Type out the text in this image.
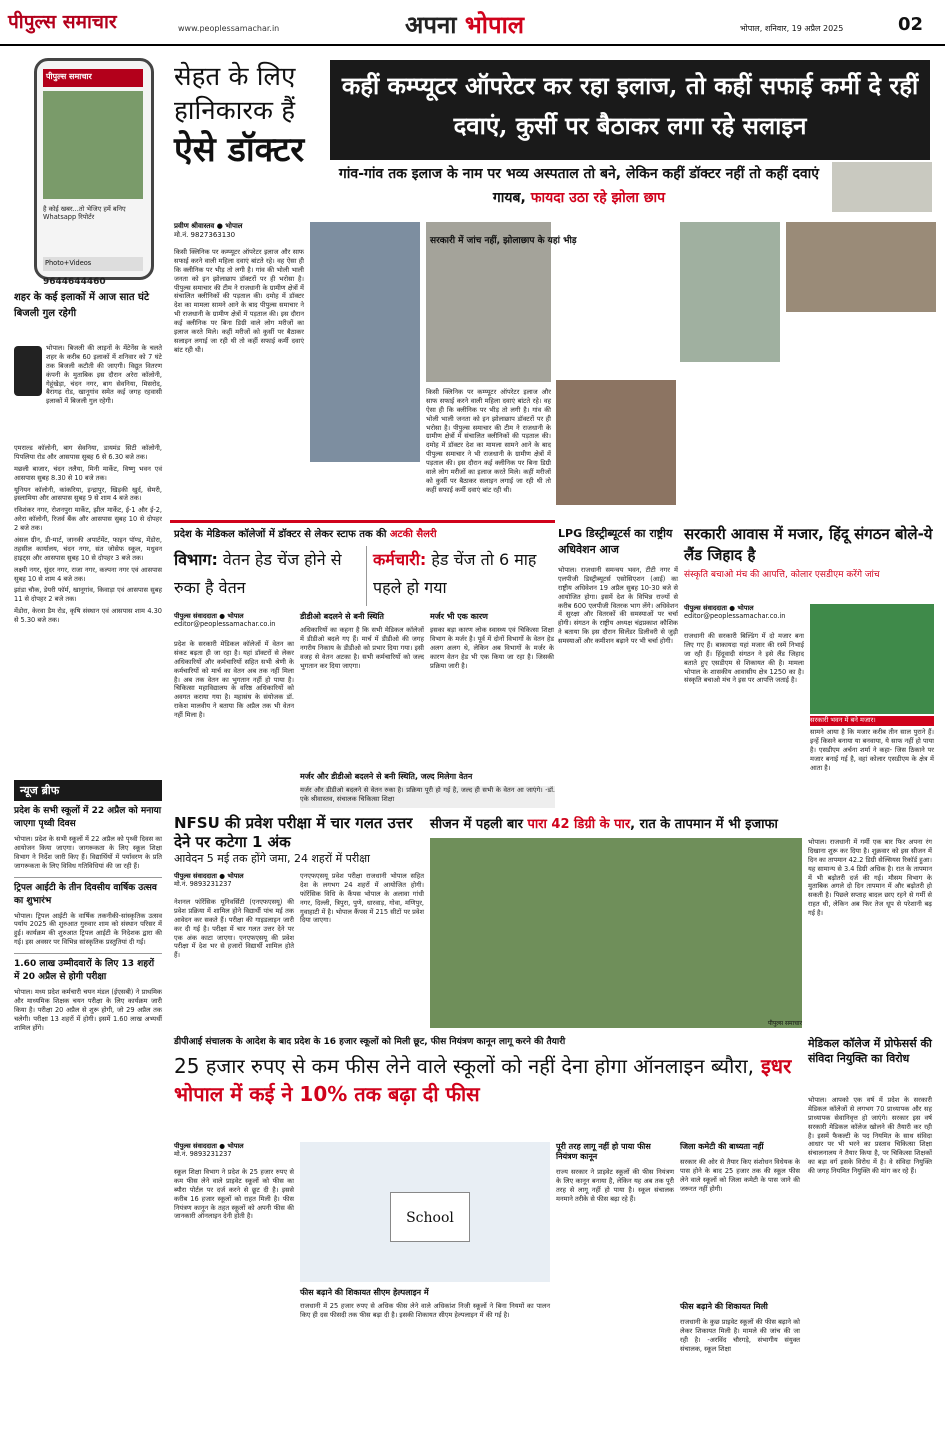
पीपुल्स समाचार	www.peoplessamachar.in	अपना भोपाल	भोपाल, शनिवार, 19 अप्रैल 2025	02
पीपुल्स समाचार
है कोई खबर...तो भेजिए हमें बनिए Whatsapp रिपोर्टर
Photo+Videos
9644644460
सेहत के लिए
हानिकारक हैं
ऐसे डॉक्टर
कहीं कम्प्यूटर ऑपरेटर कर रहा इलाज, तो कहीं सफाई कर्मी दे रहीं दवाएं, कुर्सी पर बैठाकर लगा रहे सलाइन
गांव-गांव तक इलाज के नाम पर भव्य अस्पताल तो बने, लेकिन कहीं डॉक्टर नहीं तो कहीं दवाएं गायब, फायदा उठा रहे झोला छाप
प्रवीण श्रीवास्तव ● भोपाल
मो.नं. 9827363130
किसी क्लिनिक पर कम्प्यूटर ऑपरेटर इलाज और साफ सफाई करने वाली महिला दवाएं बांटते रहे। वह ऐसा ही कि क्लीनिक पर भीड़ तो लगी है। गांव की भोली भाली जनता को इन झोलाछाप डॉक्टरों पर ही भरोसा है। पीपुल्स समाचार की टीम ने राजधानी के ग्रामीण क्षेत्रों में संचालित क्लीनिकों की पड़ताल की। दमोह में डॉक्टर देश का मामला सामने आने के बाद पीपुल्स समाचार ने भी राजधानी के ग्रामीण क्षेत्रों में पड़ताल की। इस दौरान कई क्लीनिक पर बिना डिग्री वाले लोग मरीजों का इलाज करते मिले। कहीं मरीजों को कुर्सी पर बैठाकर सलाइन लगाई जा रही थी तो कहीं सफाई कर्मी दवाएं बांट रही थी।
सरकारी में जांच नहीं, झोलाछाप के यहां भीड़
किसी क्लिनिक पर कम्प्यूटर ऑपरेटर इलाज और साफ सफाई करने वाली महिला दवाएं बांटते रहे। वह ऐसा ही कि क्लीनिक पर भीड़ तो लगी है। गांव की भोली भाली जनता को इन झोलाछाप डॉक्टरों पर ही भरोसा है। पीपुल्स समाचार की टीम ने राजधानी के ग्रामीण क्षेत्रों में संचालित क्लीनिकों की पड़ताल की। दमोह में डॉक्टर देश का मामला सामने आने के बाद पीपुल्स समाचार ने भी राजधानी के ग्रामीण क्षेत्रों में पड़ताल की। इस दौरान कई क्लीनिक पर बिना डिग्री वाले लोग मरीजों का इलाज करते मिले। कहीं मरीजों को कुर्सी पर बैठाकर सलाइन लगाई जा रही थी तो कहीं सफाई कर्मी दवाएं बांट रही थी।
शहर के कई इलाकों में आज सात घंटे बिजली गुल रहेगी
भोपाल। बिजली की लाइनों के मेंटेनेंस के चलते शहर के करीब 60 इलाकों में शनिवार को 7 घंटे तक बिजली कटौती की जाएगी। विद्युत वितरण कंपनी के मुताबिक इस दौरान अरेरा कॉलोनी, गेहूंखेड़ा, चंदन नगर, बाग सेवनिया, मिसरोद, बैरागढ़ रोड, खानूगांव समेत कई जगह रहवासी इलाकों में बिजली गुल रहेगी।
एमराल्ड कॉलोनी, बाग सेवनिया, डायमंड सिटी कॉलोनी, पिपलिया रोड और आसपास सुबह 6 से 6.30 बजे तक।
मछली बाजार, चंदन तलैया, मिनी मार्केट, विष्णु भवन एवं आसपास सुबह 8.30 से 10 बजे तक।
यूनियन कॉलोनी, कांकरिया, इन्द्रापुर, खिड़की खुर्द, सेमरी, इस्लामिया और आसपास सुबह 9 से शाम 4 बजे तक।
रविशंकर नगर, रोशनपुरा मार्केट, झील मार्केट, ई-1 और ई-2, अरेरा कॉलोनी, रिजर्व बैंक और आसपास सुबह 10 से दोपहर 2 बजे तक।
अंसल ग्रीन, डी-मार्ट, जानकी अपार्टमेंट, फाइन पॉण्ड, मेंडोरा, तहसील कार्यालय, चंदन नगर, संत जोसेफ स्कूल, मधुवन हाइट्स और आसपास सुबह 10 से दोपहर 3 बजे तक।
लक्ष्मी नगर, सुंदर नगर, राजा नगर, कल्पना नगर एवं आसपास सुबह 10 से शाम 4 बजे तक।
झांडा चौक, डेयरी फॉर्म, खानूगांव, किवाड़ा एवं आसपास सुबह 11 से दोपहर 2 बजे तक।
मेंडोरा, केरवा डैम रोड, कृषि संस्थान एवं आसपास शाम 4.30 से 5.30 बजे तक।
न्यूज ब्रीफ
प्रदेश के सभी स्कूलों में 22 अप्रैल को मनाया जाएगा पृथ्वी दिवस
भोपाल। प्रदेश के सभी स्कूलों में 22 अप्रैल को पृथ्वी दिवस का आयोजन किया जाएगा। जागरूकता के लिए स्कूल शिक्षा विभाग ने निर्देश जारी किए हैं। विद्यार्थियों में पर्यावरण के प्रति जागरूकता के लिए विविध गतिविधियां की जा रही हैं।
ट्रिपल आईटी के तीन दिवसीय वार्षिक उत्सव का शुभारंभ
भोपाल। ट्रिपल आईटी के वार्षिक तकनीकी-सांस्कृतिक उत्सव पर्याय 2025 की शुरुआत गुरुवार शाम को संस्थान परिसर में हुई। कार्यक्रम की शुरुआत ट्रिपल आईटी के निदेशक द्वारा की गई। इस अवसर पर विभिन्न सांस्कृतिक प्रस्तुतियां दी गईं।
1.60 लाख उम्मीदवारों के लिए 13 शहरों में 20 अप्रैल से होगी परीक्षा
भोपाल। मध्य प्रदेश कर्मचारी चयन मंडल (ईएसबी) ने प्राथमिक और माध्यमिक शिक्षक चयन परीक्षा के लिए कार्यक्रम जारी किया है। परीक्षा 20 अप्रैल से शुरू होगी, जो 29 अप्रैल तक चलेगी। परीक्षा 13 शहरों में होगी। इसमें 1.60 लाख अभ्यर्थी शामिल होंगे।
प्रदेश के मेडिकल कॉलेजों में डॉक्टर से लेकर स्टाफ तक की अटकी सैलरी
विभाग: वेतन हेड चेंज होने से रुका है वेतन
कर्मचारी: हेड चेंज तो 6 माह पहले हो गया
पीपुल्स संवाददाता ● भोपाल
editor@peoplessamachar.co.in
प्रदेश के सरकारी मेडिकल कॉलेजों में वेतन का संकट बढ़ता ही जा रहा है। यहां डॉक्टरों से लेकर अधिकारियों और कर्मचारियों सहित सभी श्रेणी के कर्मचारियों को मार्च का वेतन अब तक नहीं मिला है। अब तक वेतन का भुगतान नहीं हो पाया है। चिकित्सा महाविद्यालय के वरिष्ठ अधिकारियों को अवगत कराया गया है। महासंघ के संयोजक डॉ. राकेश मालवीय ने बताया कि अप्रैल तक भी वेतन नहीं मिला है।
डीडीओ बदलने से बनी स्थिति
अधिकारियों का कहना है कि सभी मेडिकल कॉलेजों में डीडीओ बदले गए हैं। मार्च में डीडीओ की जगह नगरीय निकाय के डीडीओ को प्रभार दिया गया। इसी वजह से वेतन अटका है। सभी कर्मचारियों को जल्द भुगतान कर दिया जाएगा।
मर्जर भी एक कारण
इसका बड़ा कारण लोक स्वास्थ्य एवं चिकित्सा शिक्षा विभाग के मर्जर है। पूर्व में दोनों विभागों के वेतन हेड अलग अलग थे, लेकिन अब विभागों के मर्जर के कारण वेतन हेड भी एक किया जा रहा है। जिसकी प्रक्रिया जारी है।
मर्जर और डीडीओ बदलने से बनी स्थिति, जल्द मिलेगा वेतन
मर्जर और डीडीओ बदलने से वेतन रुका है। प्रक्रिया पूरी हो गई है, जल्द ही सभी के वेतन आ जाएंगे। -डॉ. एके श्रीवास्तव, संचालक चिकित्सा शिक्षा
LPG डिस्ट्रीब्यूटर्स का राष्ट्रीय अधिवेशन आज
भोपाल। राजधानी समन्वय भवन, टीटी नगर में एलपीजी डिस्ट्रीब्यूटर्स एसोसिएशन (आई) का राष्ट्रीय अधिवेशन 19 अप्रैल सुबह 10-30 बजे से आयोजित होगा। इसमें देश के विभिन्न राज्यों से करीब 600 एलपीजी वितरक भाग लेंगे। अधिवेशन में सुरक्षा और वितरकों की समस्याओं पर चर्चा होगी। संगठन के राष्ट्रीय अध्यक्ष चंद्रप्रकाश कौशिक ने बताया कि इस दौरान सिलेंडर डिलीवरी से जुड़ी समस्याओं और कमीशन बढ़ाने पर भी चर्चा होगी।
सरकारी आवास में मजार, हिंदू संगठन बोले-ये लैंड जिहाद है
संस्कृति बचाओ मंच की आपत्ति, कोलार एसडीएम करेंगे जांच
पीपुल्स संवाददाता ● भोपाल
editor@peoplessamachar.co.in
राजधानी की सरकारी बिल्डिंग में दो मजार बना लिए गए हैं। बाकायदा यहां मजार की रस्में निभाई जा रही हैं। हिंदूवादी संगठन ने इसे लैंड जिहाद बताते हुए एसडीएम से शिकायत की है। मामला भोपाल के शासकीय आवासीय क्षेत्र 1250 का है। संस्कृति बचाओ मंच ने इस पर आपत्ति जताई है।
सरकारी भवन में बने मजार।
सामने आया है कि मजार करीब तीन साल पुराने हैं। इन्हें किसने बनाया या बनवाया, ये साफ नहीं हो पाया है। एसडीएम अर्चना शर्मा ने कहा- जिस ठिकाने पर मजार बनाई गई है, वहां कोलार एसडीएम के क्षेत्र में आता है।
NFSU की प्रवेश परीक्षा में चार गलत उत्तर देने पर कटेगा 1 अंक
आवेदन 5 मई तक होंगे जमा, 24 शहरों में परीक्षा
पीपुल्स संवाददाता ● भोपाल
मो.नं. 9893231237
नेशनल फॉरेंसिक यूनिवर्सिटी (एनएफएसयू) की प्रवेश प्रक्रिया में शामिल होने विद्यार्थी पांच मई तक आवेदन कर सकते हैं। परीक्षा की गाइडलाइन जारी कर दी गई है। परीक्षा में चार गलत उत्तर देने पर एक अंक काटा जाएगा। एनएफएसयू की प्रवेश परीक्षा में देश भर से हजारों विद्यार्थी शामिल होते हैं।
एनएफएसयू प्रवेश परीक्षा राजधानी भोपाल सहित देश के लगभग 24 शहरों में आयोजित होगी। फॉरेंसिक विधि के कैंपस भोपाल के अलावा गांधी नगर, दिल्ली, त्रिपुरा, पुणे, धारवाड़, गोवा, मणिपुर, गुवाहाटी में है। भोपाल कैंपस में 215 सीटों पर प्रवेश दिया जाएगा।
सीजन में पहली बार पारा 42 डिग्री के पार, रात के तापमान में भी इजाफा
पीपुल्स समाचार
भोपाल। राजधानी में गर्मी एक बार फिर अपना रंग दिखाना शुरू कर दिया है। शुक्रवार को इस सीजन में दिन का तापमान 42.2 डिग्री सेल्सियस रिकॉर्ड हुआ। यह सामान्य से 3.4 डिग्री अधिक है। रात के तापमान में भी बढ़ोतरी दर्ज की गई। मौसम विभाग के मुताबिक अगले दो दिन तापमान में और बढ़ोतरी हो सकती है। पिछले सप्ताह बादल छाए रहने से गर्मी से राहत थी, लेकिन अब फिर तेज धूप से परेशानी बढ़ गई है।
डीपीआई संचालक के आदेश के बाद प्रदेश के 16 हजार स्कूलों को मिली छूट, फीस नियंत्रण कानून लागू करने की तैयारी
25 हजार रुपए से कम फीस लेने वाले स्कूलों को नहीं देना होगा ऑनलाइन ब्यौरा, इधर भोपाल में कई ने 10% तक बढ़ा दी फीस
पीपुल्स संवाददाता ● भोपाल
मो.नं. 9893231237
स्कूल शिक्षा विभाग ने प्रदेश के 25 हजार रुपए से कम फीस लेने वाले प्राइवेट स्कूलों को फीस का ब्यौरा पोर्टल पर दर्ज करने से छूट दी है। इससे करीब 16 हजार स्कूलों को राहत मिली है। फीस नियंत्रण कानून के तहत स्कूलों को अपनी फीस की जानकारी ऑनलाइन देनी होती है।	School
फीस बढ़ाने की शिकायत सीएम हेल्पलाइन में
राजधानी में 25 हजार रुपए से अधिक फीस लेने वाले अधिकांश निजी स्कूलों ने बिना नियमों का पालन किए ही दस फीसदी तक फीस बढ़ा दी है। इसकी शिकायत सीएम हेल्पलाइन में की गई है।
पूरी तरह लागू नहीं हो पाया फीस नियंत्रण कानून
राज्य सरकार ने प्राइवेट स्कूलों की फीस नियंत्रण के लिए कानून बनाया है, लेकिन यह अब तक पूरी तरह से लागू नहीं हो पाया है। स्कूल संचालक मनमाने तरीके से फीस बढ़ा रहे हैं।
जिला कमेटी की बाध्यता नहीं
सरकार की ओर से तैयार किए संशोधन विधेयक के पास होने के बाद 25 हजार तक की स्कूल फीस लेने वाले स्कूलों को जिला कमेटी के पास जाने की जरूरत नहीं होगी।
फीस बढ़ाने की शिकायत मिली
राजधानी के कुछ प्राइवेट स्कूलों की फीस बढ़ाने को लेकर शिकायत मिली है। मामले की जांच की जा रही है। -अरविंद चौरगड़े, संभागीय संयुक्त संचालक, स्कूल शिक्षा
मेडिकल कॉलेज में प्रोफेसर्स की संविदा नियुक्ति का विरोध
भोपाल। आपको एक वर्ष में प्रदेश के सरकारी मेडिकल कॉलेजों से लगभग 70 प्राध्यापक और सह प्राध्यापक सेवानिवृत्त हो जाएंगे। सरकार इस वर्ष सरकारी मेडिकल कॉलेज खोलने की तैयारी कर रही है। इसमें फैकल्टी के पद नियमित के साथ संविदा आधार पर भी भरने का प्रस्ताव चिकित्सा शिक्षा संचालनालय ने तैयार किया है, पर चिकित्सा शिक्षकों का बड़ा वर्ग इसके विरोध में है। वे संविदा नियुक्ति की जगह नियमित नियुक्ति की मांग कर रहे हैं।
